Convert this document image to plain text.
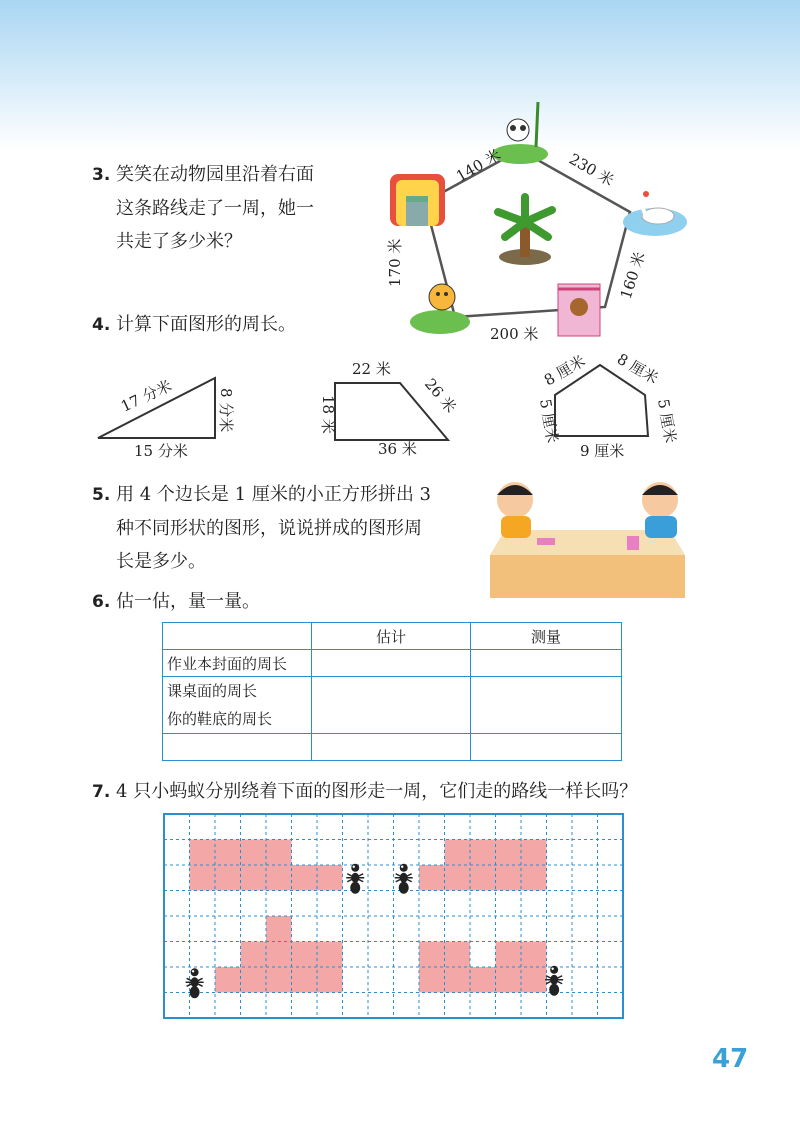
3. 笑笑在动物园里沿着右面
这条路线走了一周，她一
共走了多少米？
140 米	230 米
160 米
200 米
170 米
4. 计算下面图形的周长。
17 分米	8 分米
15 分米
22 米
26 米
18 米
36 米
8 厘米 8 厘米
5 厘米	5 厘米
9 厘米
5. 用 4 个边长是 1 厘米的小正方形拼出 3
种不同形状的图形，说说拼成的图形周
长是多少。
6. 估一估，量一量。
	估计	测量
作业本封面的周长		

课桌面的周长
你的鞋底的周长		

7. 4 只小蚂蚁分别绕着下面的图形走一周，它们走的路线一样长吗？
47
